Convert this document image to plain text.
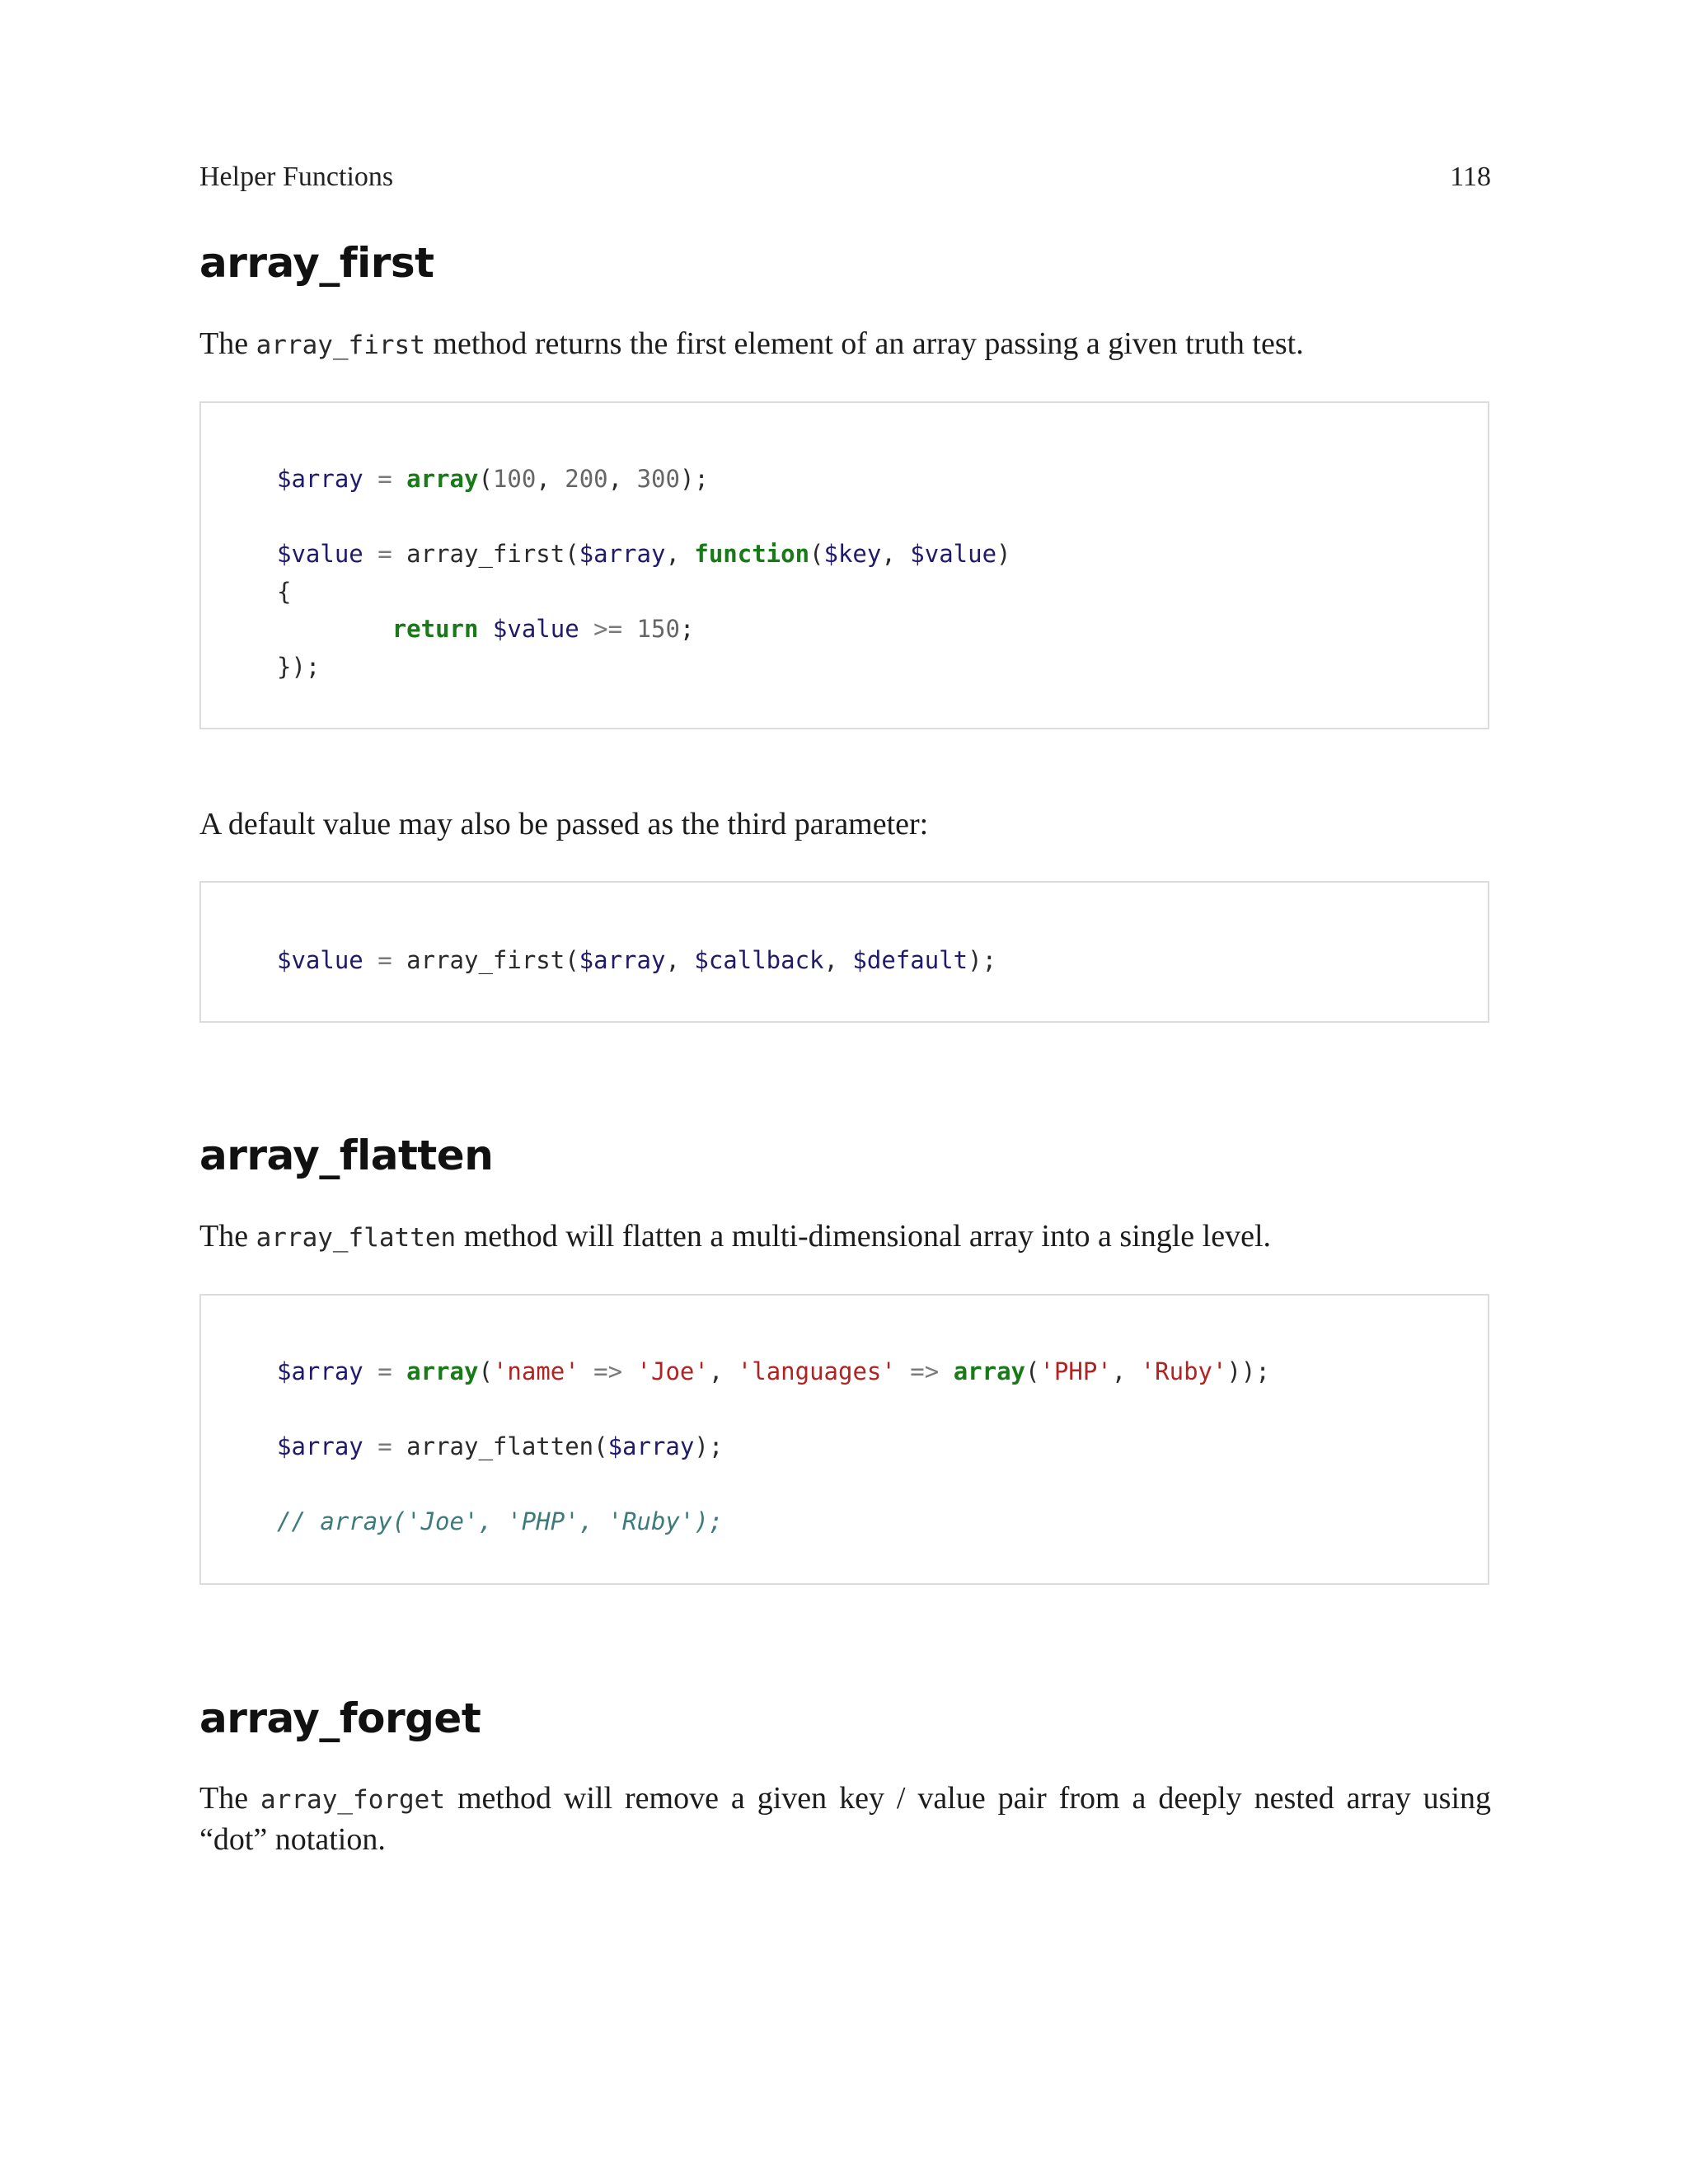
Helper Functions	118
array_first

The array_first method returns the first element of an array passing a given truth test.

$array = array(100, 200, 300);

$value = array_first($array, function($key, $value)
{
return $value >= 150;
});

A default value may also be passed as the third parameter:

$value = array_first($array, $callback, $default);
array_flatten

The array_flatten method will flatten a multi-dimensional array into a single level.

$array = array('name' => 'Joe', 'languages' => array('PHP', 'Ruby'));

$array = array_flatten($array);

// array('Joe', 'PHP', 'Ruby');
array_forget

The array_forget method will remove a given key / value pair from a deeply nested array using “dot” notation.
